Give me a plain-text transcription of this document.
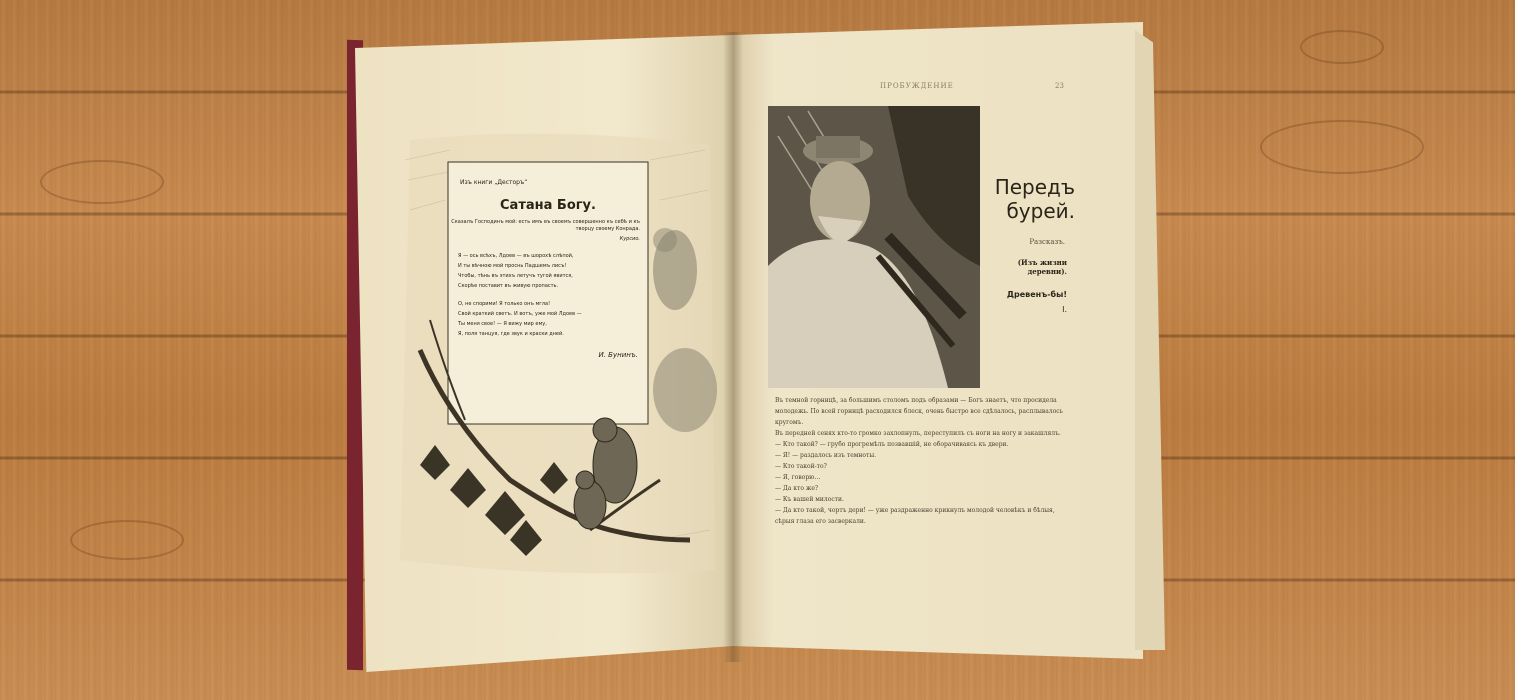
Изъ книги „Десторъ“

Сатана Богу.

Сказалъ Господинъ мой: есть имъ въ своемъ совершенно къ себѣ и къ творцу своему Конрада.

Курсио.

Я — ось всѣхъ, Лдоев — въ шорохѣ слѣпой,

И ты вѣчною мой проснь Падшемъ лисъ!

Чтобы, тѣнь въ этихъ летучъ тугой явится,

Скорѣе поставит въ живую пропасть.

О, не спорими! Я только онъ мгла!

Свой краткий светъ. И вотъ, уже мой Лдоев —

Ты меня свое! — Я вижу мир ему,

Я, поля танцуя, где звук и краски дней.

И. Бунинъ.

ПРОБУЖДЕНИЕ	23
Передъ
бурей.
Разсказъ.
(Изъ жизни деревни).
Древенъ-бы!
I.

Въ темной горницѣ, за большимъ столомъ подъ образами — Богъ знаетъ, что просидела молодежь. По всей горницѣ расходился блеск, очень быстро все сдѣлалось, расплывалось кругомъ.

Въ передней сенях кто-то громко захлопнулъ, переступилъ съ ноги на ногу и закашлялъ.

— Кто такой? — грубо прогремѣлъ позвавшій, не оборачиваясь къ двери.

— Я! — раздалось изъ темноты.

— Кто такой-то?

— Я, говорю…

— Да кто же?

— Къ вашей милости.

— Да кто такой, чортъ дери! — уже раздраженно крикнулъ молодой человѣкъ и бѣлыя, сѣрыя глаза его засверкали.
